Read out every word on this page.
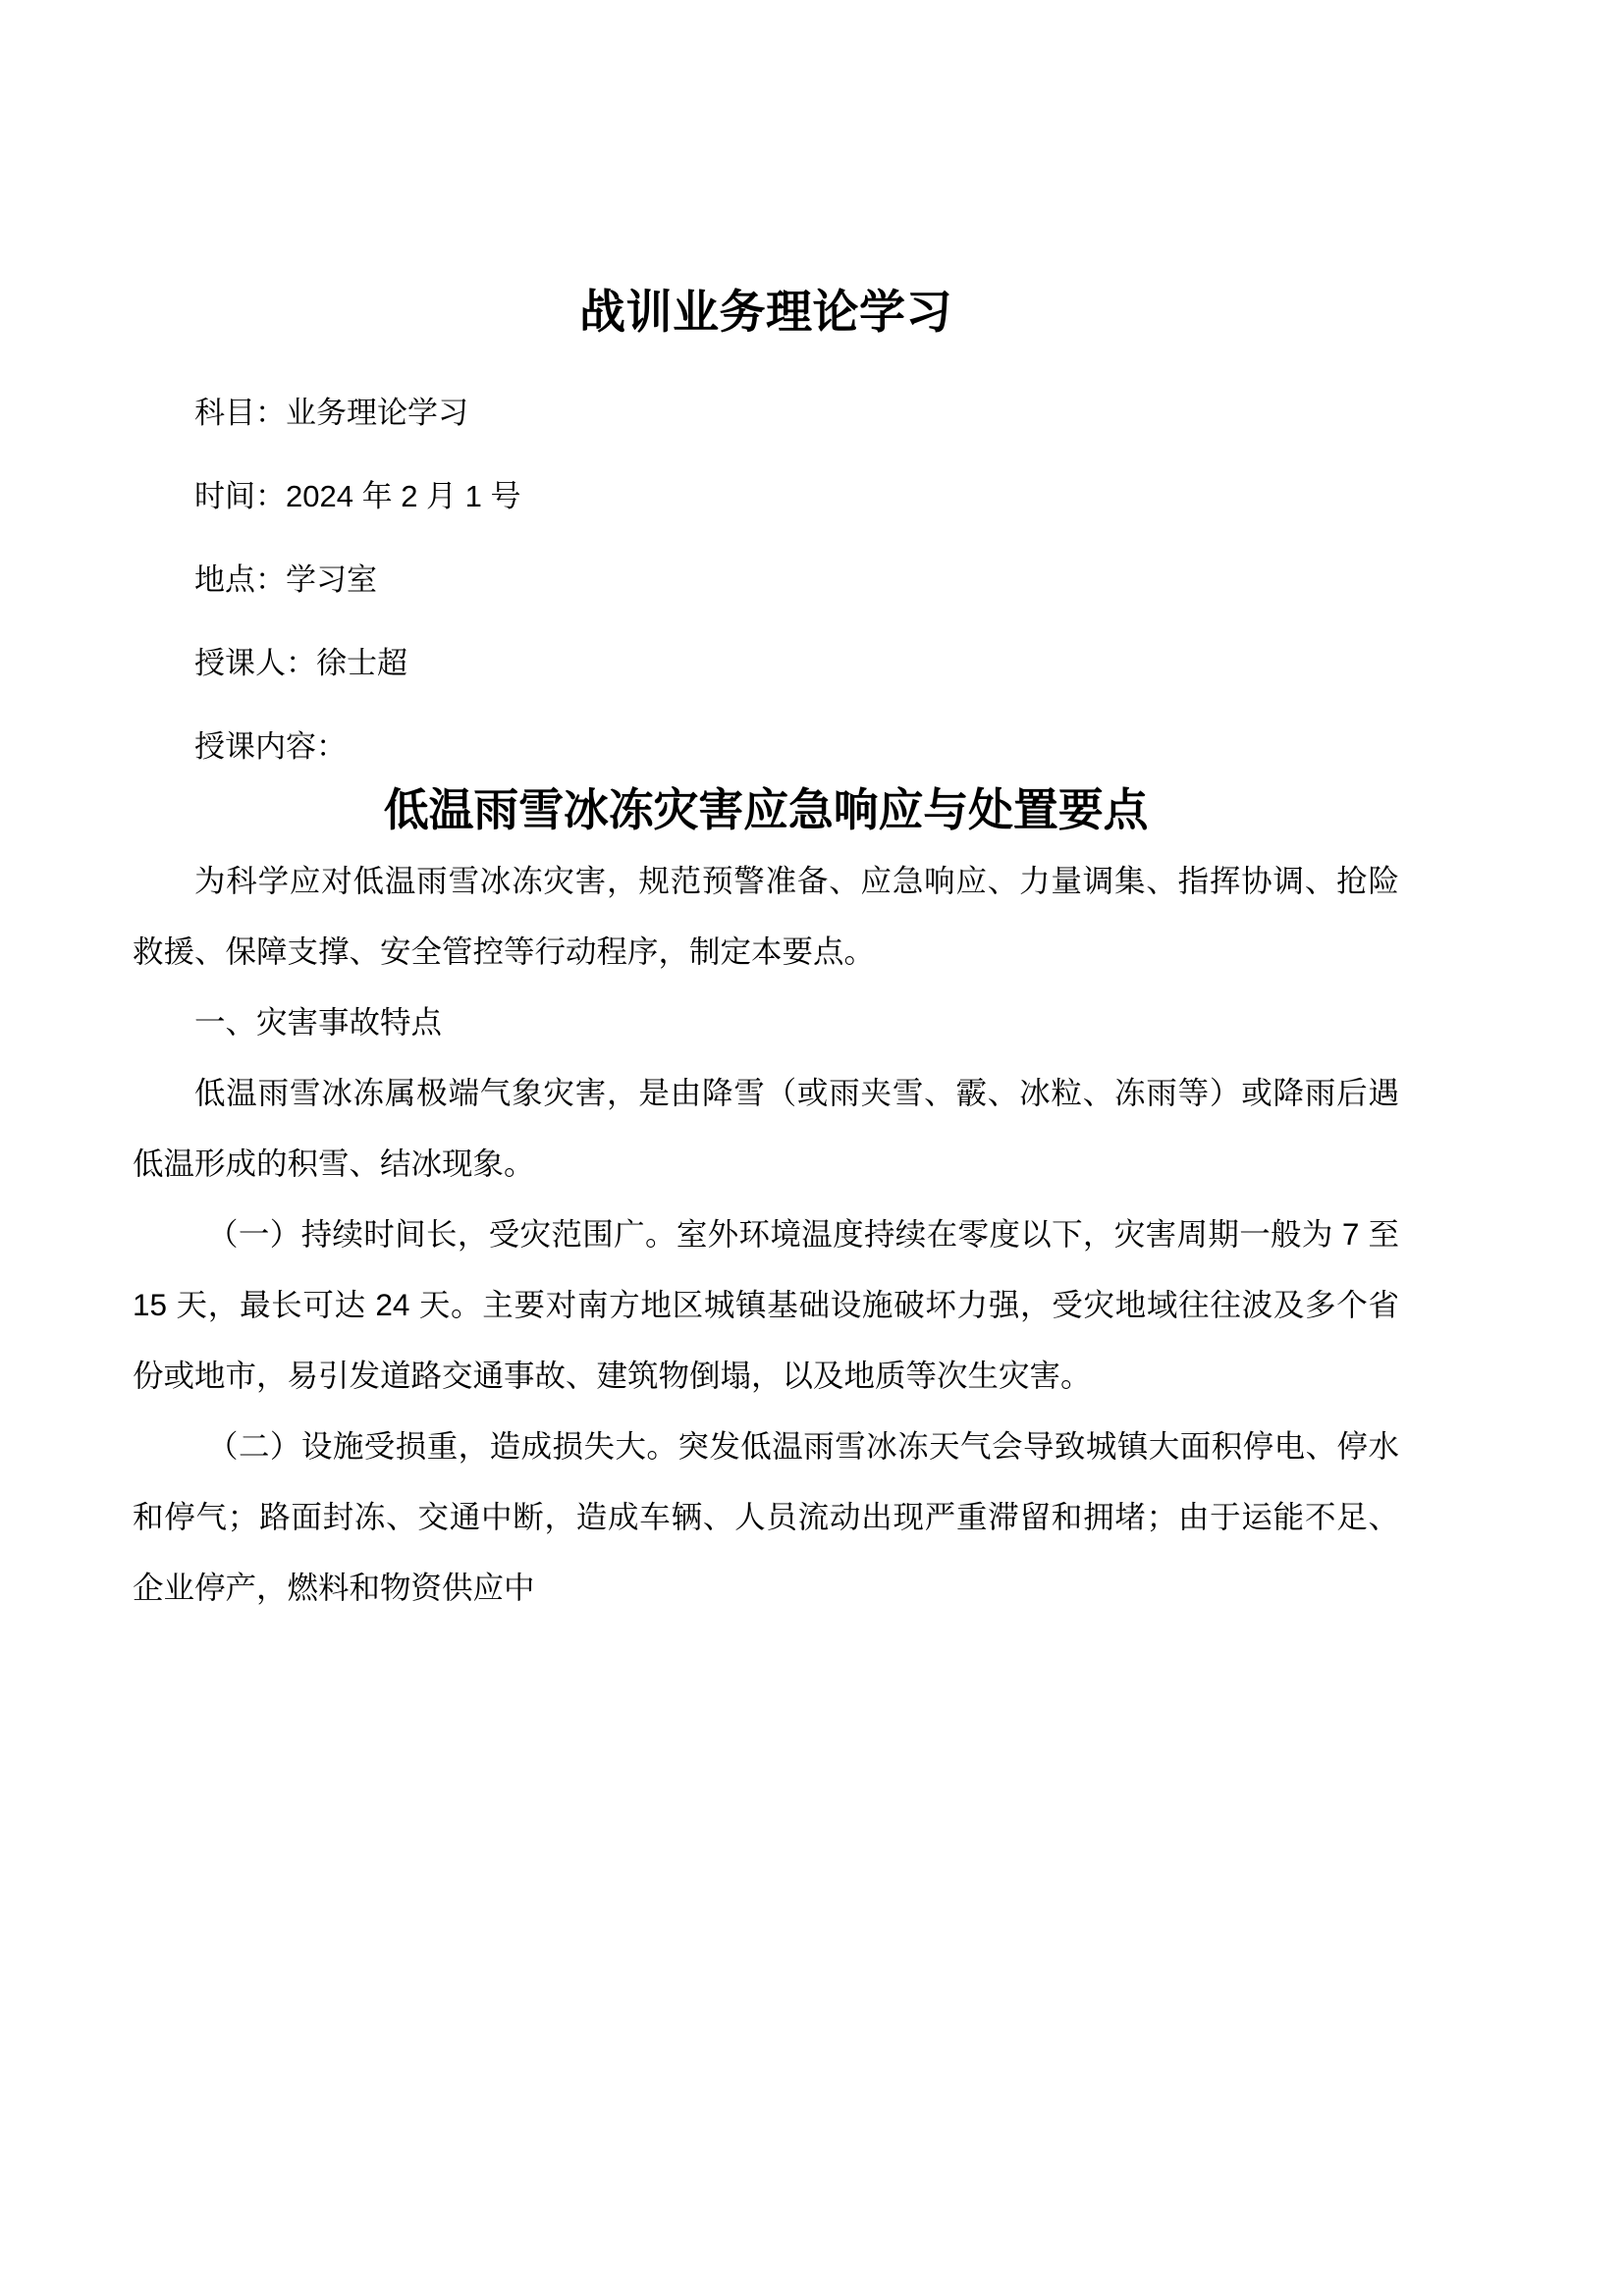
战训业务理论学习
科目：业务理论学习
时间：2024 年 2 月 1 号
地点：学习室
授课人：徐士超
授课内容：
低温雨雪冰冻灾害应急响应与处置要点

为科学应对低温雨雪冰冻灾害，规范预警准备、应急响应、力量调集、指挥协调、抢险救援、保障支撑、安全管控等行动程序，制定本要点。

一、灾害事故特点

低温雨雪冰冻属极端气象灾害，是由降雪（或雨夹雪、霰、冰粒、冻雨等）或降雨后遇低温形成的积雪、结冰现象。

（一）持续时间长，受灾范围广。室外环境温度持续在零度以下，灾害周期一般为 7 至 15 天，最长可达 24 天。主要对南方地区城镇基础设施破坏力强，受灾地域往往波及多个省份或地市，易引发道路交通事故、建筑物倒塌，以及地质等次生灾害。

（二）设施受损重，造成损失大。突发低温雨雪冰冻天气会导致城镇大面积停电、停水和停气；路面封冻、交通中断，造成车辆、人员流动出现严重滞留和拥堵；由于运能不足、企业停产，燃料和物资供应中
